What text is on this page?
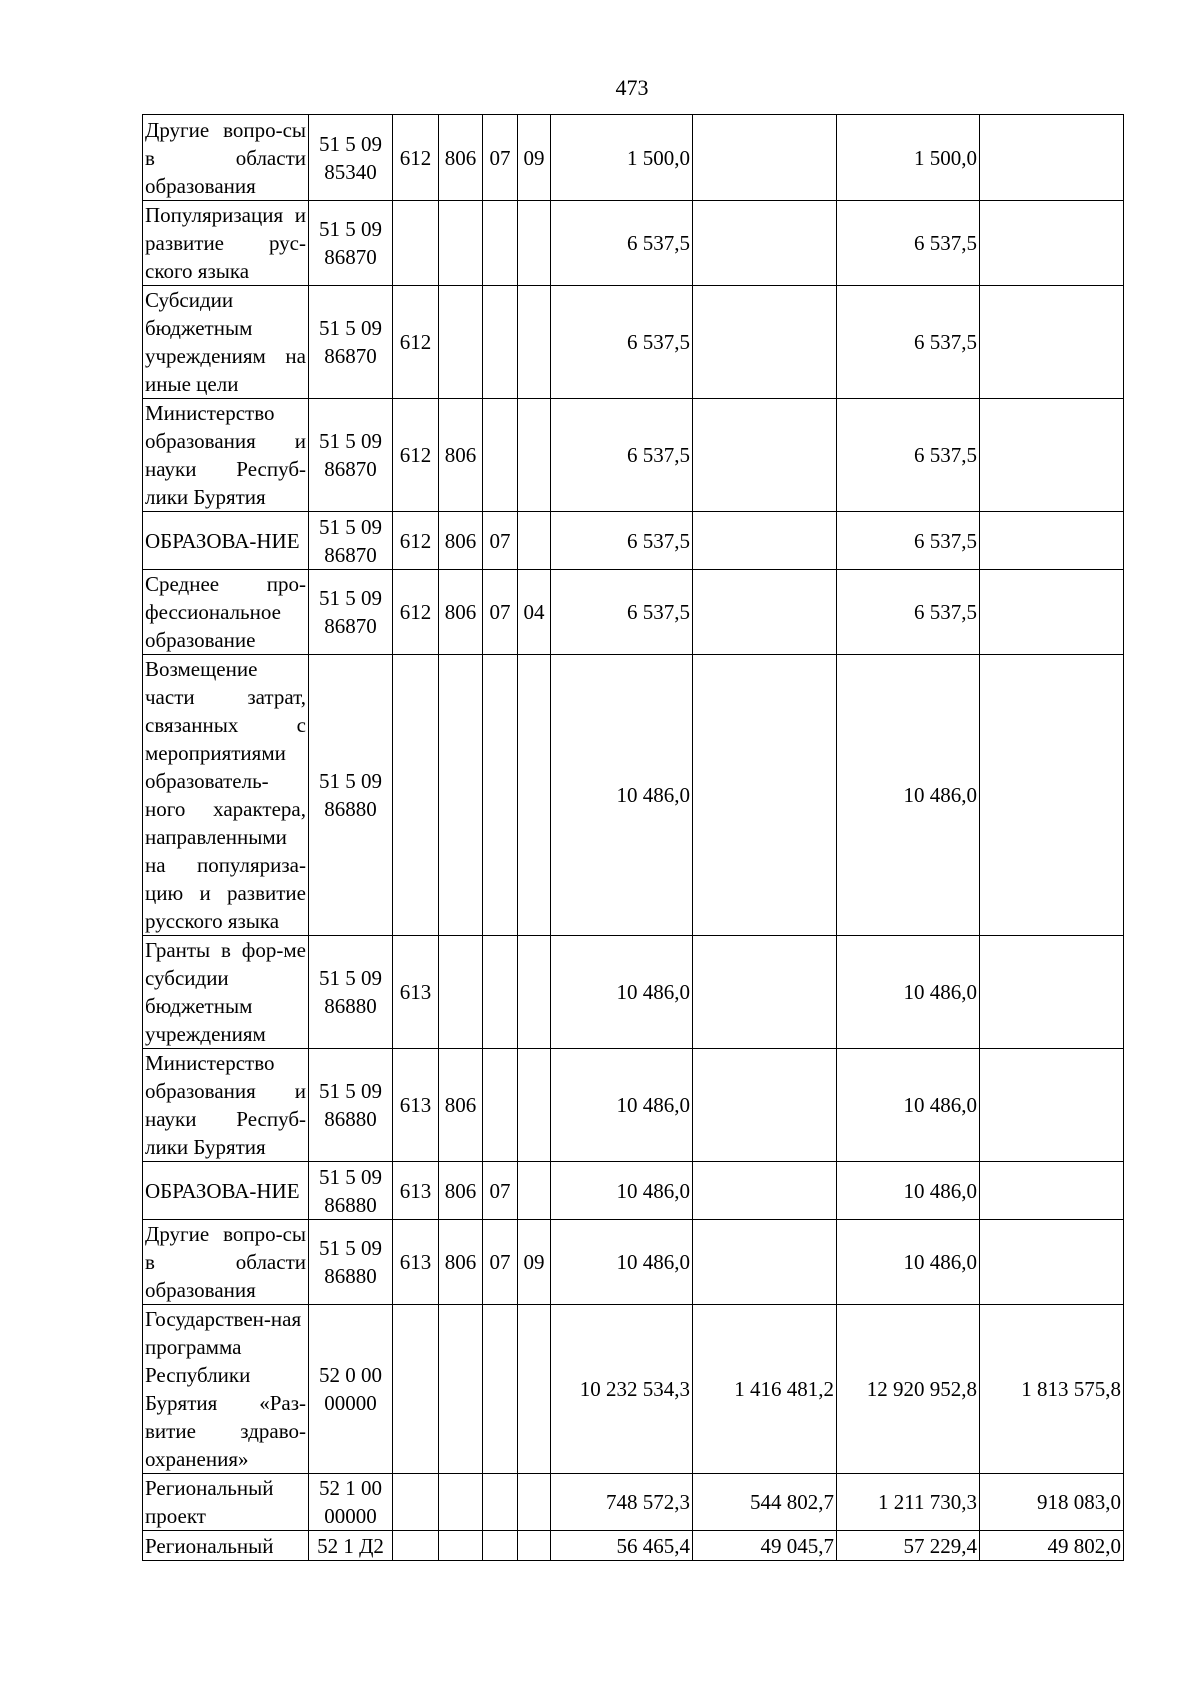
473
Другие вопро-сы в области образования	51 5 09 85340	612	806	07	09	1 500,0		1 500,0	
Популяризация и развитие рус-ского языка	51 5 09 86870					6 537,5		6 537,5	
Субсидии бюджетным учреждениям на иные цели	51 5 09 86870	612				6 537,5		6 537,5	
Министерство образования и науки Респуб-лики Бурятия	51 5 09 86870	612	806			6 537,5		6 537,5	
ОБРАЗОВА-НИЕ	51 5 09 86870	612	806	07		6 537,5		6 537,5	
Среднее про-фессиональное образование	51 5 09 86870	612	806	07	04	6 537,5		6 537,5	
Возмещение части затрат, связанных с мероприятиями образователь-ного характера, направленными на популяриза-цию и развитие русского языка	51 5 09 86880					10 486,0		10 486,0	
Гранты в фор-ме субсидии бюджетным учреждениям	51 5 09 86880	613				10 486,0		10 486,0	
Министерство образования и науки Респуб-лики Бурятия	51 5 09 86880	613	806			10 486,0		10 486,0	
ОБРАЗОВА-НИЕ	51 5 09 86880	613	806	07		10 486,0		10 486,0	
Другие вопро-сы в области образования	51 5 09 86880	613	806	07	09	10 486,0		10 486,0	
Государствен-ная программа Республики Бурятия «Раз-витие здраво-охранения»	52 0 00 00000					10 232 534,3	1 416 481,2	12 920 952,8	1 813 575,8
Региональный проект	52 1 00 00000					748 572,3	544 802,7	1 211 730,3	918 083,0
Региональный	52 1 Д2					56 465,4	49 045,7	57 229,4	49 802,0
